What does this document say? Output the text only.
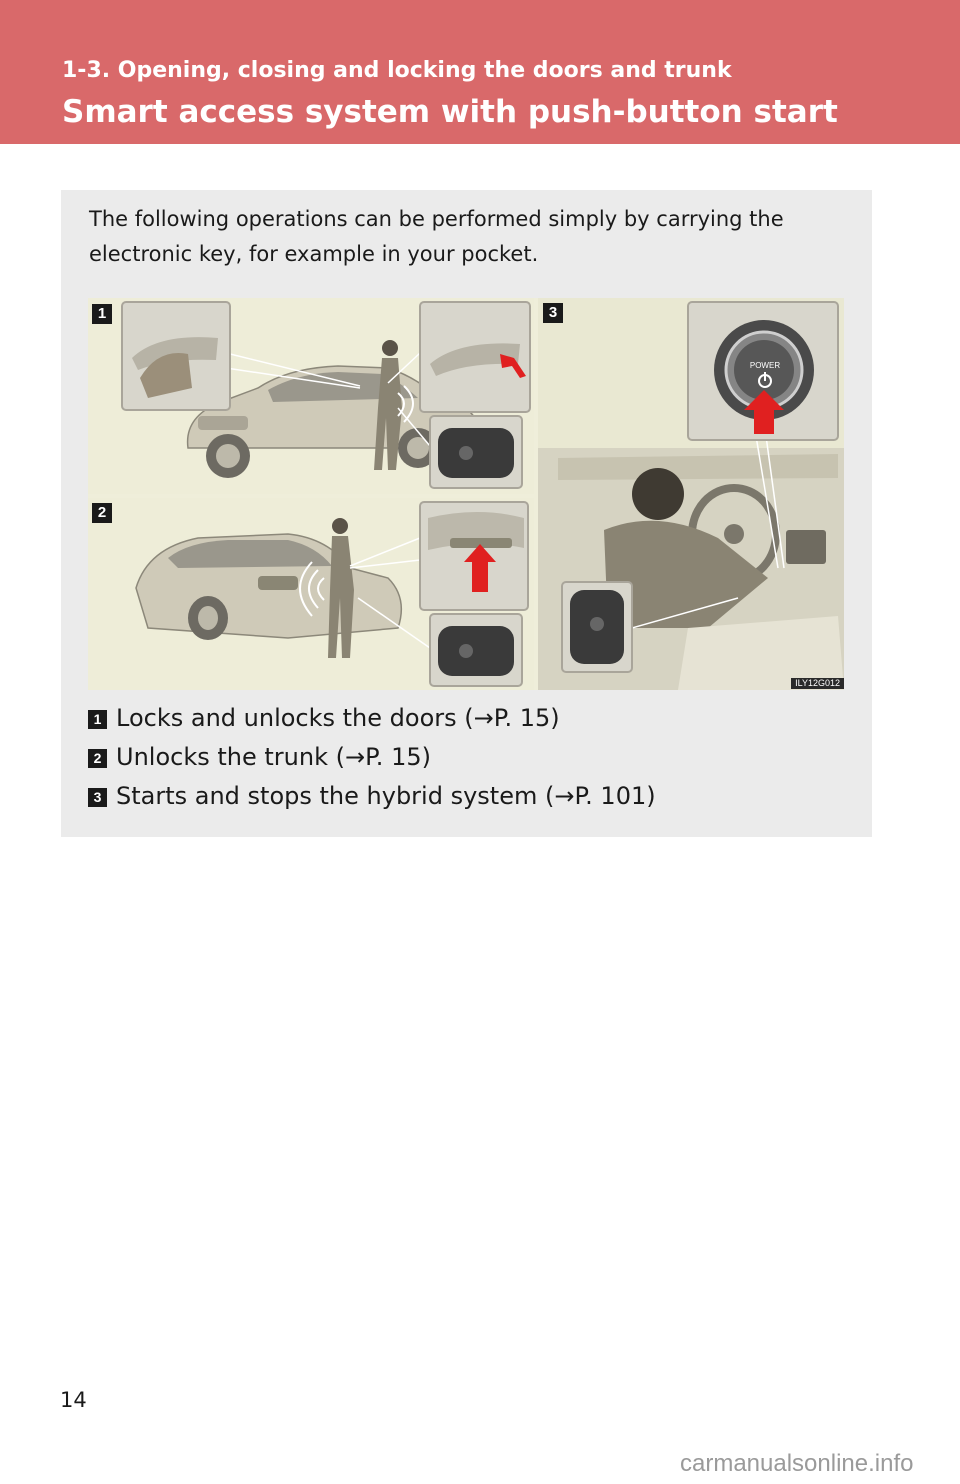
1-3. Opening, closing and locking the doors and trunk
Smart access system with push-button start
The following operations can be performed simply by carrying the electronic key, for example in your pocket.
1
2
POWER
3
ILY12G012
1 Locks and unlocks the doors (→P. 15)
2 Unlocks the trunk (→P. 15)
3 Starts and stops the hybrid system (→P. 101)
14
carmanualsonline.info
